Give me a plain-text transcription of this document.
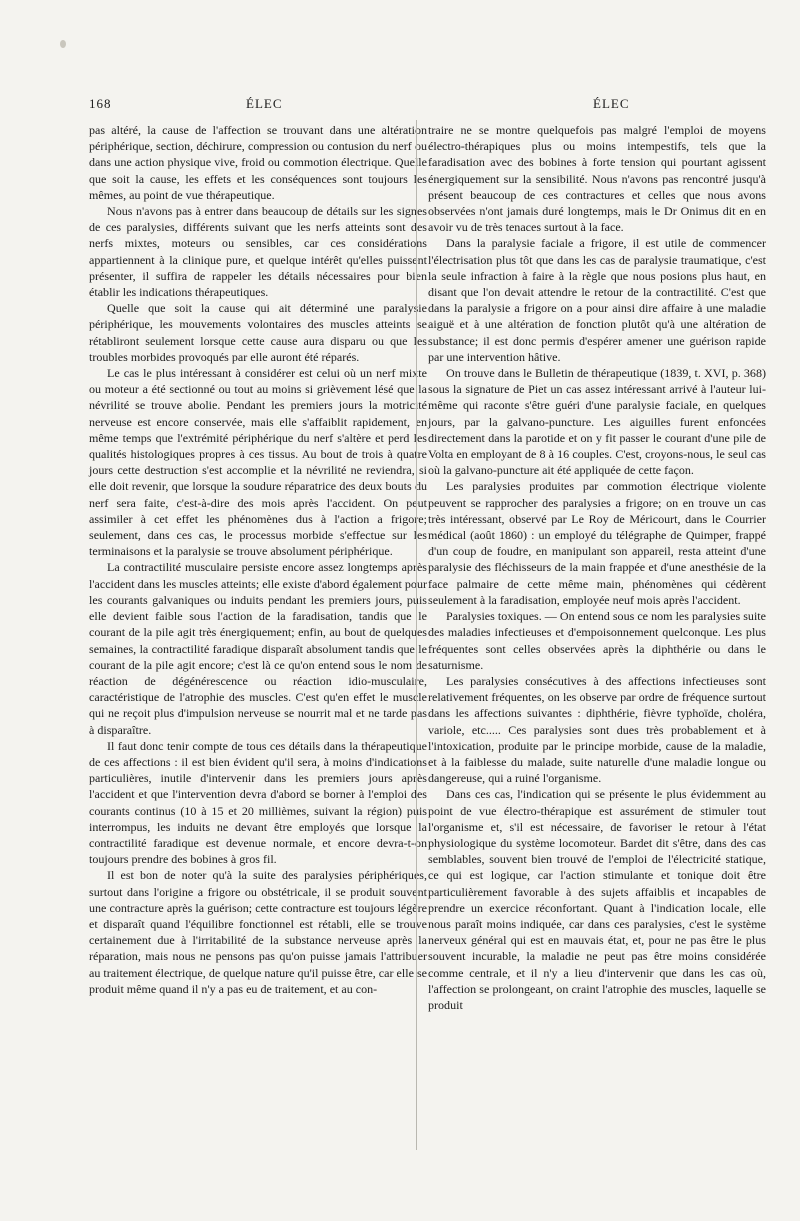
168	ÉLEC	ÉLEC

pas altéré, la cause de l'affection se trouvant dans une altération périphérique, section, déchirure, compression ou contusion du nerf ou dans une action physique vive, froid ou commotion électrique. Quelle que soit la cause, les effets et les conséquences sont toujours les mêmes, au point de vue thérapeutique.

Nous n'avons pas à entrer dans beaucoup de détails sur les signes de ces paralysies, différents suivant que les nerfs atteints sont des nerfs mixtes, moteurs ou sensibles, car ces considérations appartiennent à la clinique pure, et quelque intérêt qu'elles puissent présenter, il suffira de rappeler les détails nécessaires pour bien établir les indications thérapeutiques.

Quelle que soit la cause qui ait déterminé une paralysie périphérique, les mouvements volontaires des muscles atteints se rétabliront seulement lorsque cette cause aura disparu ou que les troubles morbides provoqués par elle auront été réparés.

Le cas le plus intéressant à considérer est celui où un nerf mixte ou moteur a été sectionné ou tout au moins si grièvement lésé que la névrilité se trouve abolie. Pendant les premiers jours la motricité nerveuse est encore conservée, mais elle s'affaiblit rapidement, en même temps que l'extrémité périphérique du nerf s'altère et perd les qualités histologiques propres à ces tissus. Au bout de trois à quatre jours cette destruction s'est accomplie et la névrilité ne reviendra, si elle doit revenir, que lorsque la soudure réparatrice des deux bouts du nerf sera faite, c'est-à-dire des mois après l'accident. On peut assimiler à cet effet les phénomènes dus à l'action a frigore; seulement, dans ces cas, le processus morbide s'effectue sur les terminaisons et la paralysie se trouve absolument périphérique.

La contractilité musculaire persiste encore assez longtemps après l'accident dans les muscles atteints; elle existe d'abord également pour les courants galvaniques ou induits pendant les premiers jours, puis elle devient faible sous l'action de la faradisation, tandis que le courant de la pile agit très énergiquement; enfin, au bout de quelques semaines, la contractilité faradique disparaît absolument tandis que le courant de la pile agit encore; c'est là ce qu'on entend sous le nom de réaction de dégénérescence ou réaction idio-musculaire, caractéristique de l'atrophie des muscles. C'est qu'en effet le muscle qui ne reçoit plus d'impulsion nerveuse se nourrit mal et ne tarde pas à disparaître.

Il faut donc tenir compte de tous ces détails dans la thérapeutique de ces affections : il est bien évident qu'il sera, à moins d'indications particulières, inutile d'intervenir dans les premiers jours après l'accident et que l'intervention devra d'abord se borner à l'emploi des courants continus (10 à 15 et 20 millièmes, suivant la région) puis interrompus, les induits ne devant être employés que lorsque la contractilité faradique est devenue normale, et encore devra-t-on toujours prendre des bobines à gros fil.

Il est bon de noter qu'à la suite des paralysies périphériques, surtout dans l'origine a frigore ou obstétricale, il se produit souvent une contracture après la guérison; cette contracture est toujours légère et disparaît quand l'équilibre fonctionnel est rétabli, elle se trouve certainement due à l'irritabilité de la substance nerveuse après la réparation, mais nous ne pensons pas qu'on puisse jamais l'attribuer au traitement électrique, de quelque nature qu'il puisse être, car elle se produit même quand il n'y a pas eu de traitement, et au con-

traire ne se montre quelquefois pas malgré l'emploi de moyens électro-thérapiques plus ou moins intempestifs, tels que la faradisation avec des bobines à forte tension qui pourtant agissent énergiquement sur la sensibilité. Nous n'avons pas rencontré jusqu'à présent beaucoup de ces contractures et celles que nous avons observées n'ont jamais duré longtemps, mais le Dr Onimus dit en en avoir vu de très tenaces surtout à la face.

Dans la paralysie faciale a frigore, il est utile de commencer l'électrisation plus tôt que dans les cas de paralysie traumatique, c'est la seule infraction à faire à la règle que nous posions plus haut, en disant que l'on devait attendre le retour de la contractilité. C'est que dans la paralysie a frigore on a pour ainsi dire affaire à une maladie aiguë et à une altération de fonction plutôt qu'à une altération de substance; il est donc permis d'espérer amener une guérison rapide par une intervention hâtive.

On trouve dans le Bulletin de thérapeutique (1839, t. XVI, p. 368) sous la signature de Piet un cas assez intéressant arrivé à l'auteur lui-même qui raconte s'être guéri d'une paralysie faciale, en quelques jours, par la galvano-puncture. Les aiguilles furent enfoncées directement dans la parotide et on y fit passer le courant d'une pile de Volta en employant de 8 à 16 couples. C'est, croyons-nous, le seul cas où la galvano-puncture ait été appliquée de cette façon.

Les paralysies produites par commotion électrique violente peuvent se rapprocher des paralysies a frigore; on en trouve un cas très intéressant, observé par Le Roy de Méricourt, dans le Courrier médical (août 1860) : un employé du télégraphe de Quimper, frappé d'un coup de foudre, en manipulant son appareil, resta atteint d'une paralysie des fléchisseurs de la main frappée et d'une anesthésie de la face palmaire de cette même main, phénomènes qui cédèrent seulement à la faradisation, employée neuf mois après l'accident.

Paralysies toxiques. — On entend sous ce nom les paralysies suite des maladies infectieuses et d'empoisonnement quelconque. Les plus fréquentes sont celles observées après la diphthérie ou dans le saturnisme.

Les paralysies consécutives à des affections infectieuses sont relativement fréquentes, on les observe par ordre de fréquence surtout dans les affections suivantes : diphthérie, fièvre typhoïde, choléra, variole, etc..... Ces paralysies sont dues très probablement et à l'intoxication, produite par le principe morbide, cause de la maladie, et à la faiblesse du malade, suite naturelle d'une maladie longue ou dangereuse, qui a ruiné l'organisme.

Dans ces cas, l'indication qui se présente le plus évidemment au point de vue électro-thérapique est assurément de stimuler tout l'organisme et, s'il est nécessaire, de favoriser le retour à l'état physiologique du système locomoteur. Bardet dit s'être, dans des cas semblables, souvent bien trouvé de l'emploi de l'électricité statique, ce qui est logique, car l'action stimulante et tonique doit être particulièrement favorable à des sujets affaiblis et incapables de prendre un exercice réconfortant. Quant à l'indication locale, elle nous paraît moins indiquée, car dans ces paralysies, c'est le système nerveux général qui est en mauvais état, et, pour ne pas être le plus souvent incurable, la maladie ne peut pas être moins considérée comme centrale, et il n'y a lieu d'intervenir que dans les cas où, l'affection se prolongeant, on craint l'atrophie des muscles, laquelle se produit
